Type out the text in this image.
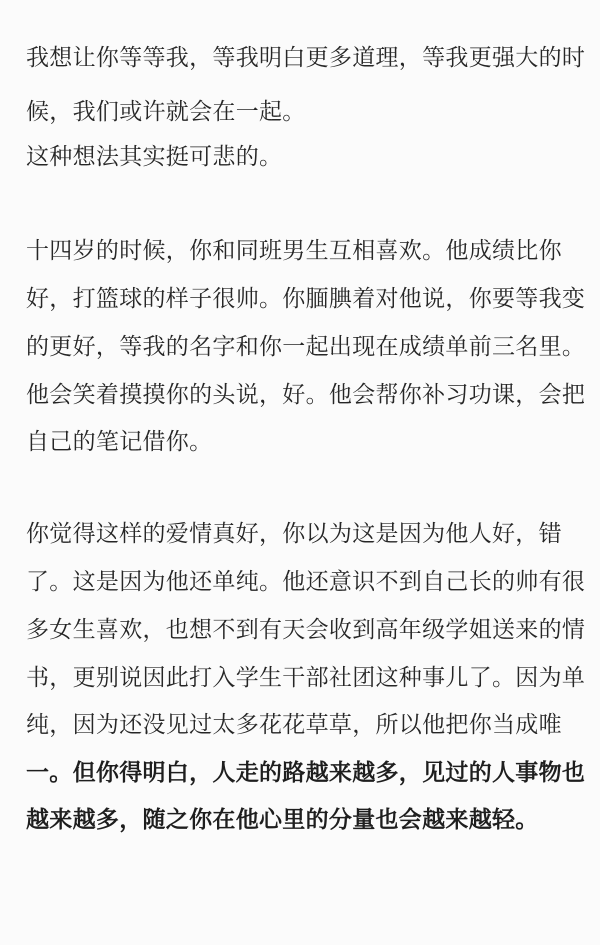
我想让你等等我，等我明白更多道理，等我更强大的时
候，我们或许就会在一起。
这种想法其实挺可悲的。
十四岁的时候，你和同班男生互相喜欢。他成绩比你
好，打篮球的样子很帅。你腼腆着对他说，你要等我变
的更好，等我的名字和你一起出现在成绩单前三名里。
他会笑着摸摸你的头说，好。他会帮你补习功课，会把
自己的笔记借你。
你觉得这样的爱情真好，你以为这是因为他人好，错
了。这是因为他还单纯。他还意识不到自己长的帅有很
多女生喜欢，也想不到有天会收到高年级学姐送来的情
书，更别说因此打入学生干部社团这种事儿了。因为单
纯，因为还没见过太多花花草草，所以他把你当成唯
一。但你得明白，人走的路越来越多，见过的人事物也
越来越多，随之你在他心里的分量也会越来越轻。
